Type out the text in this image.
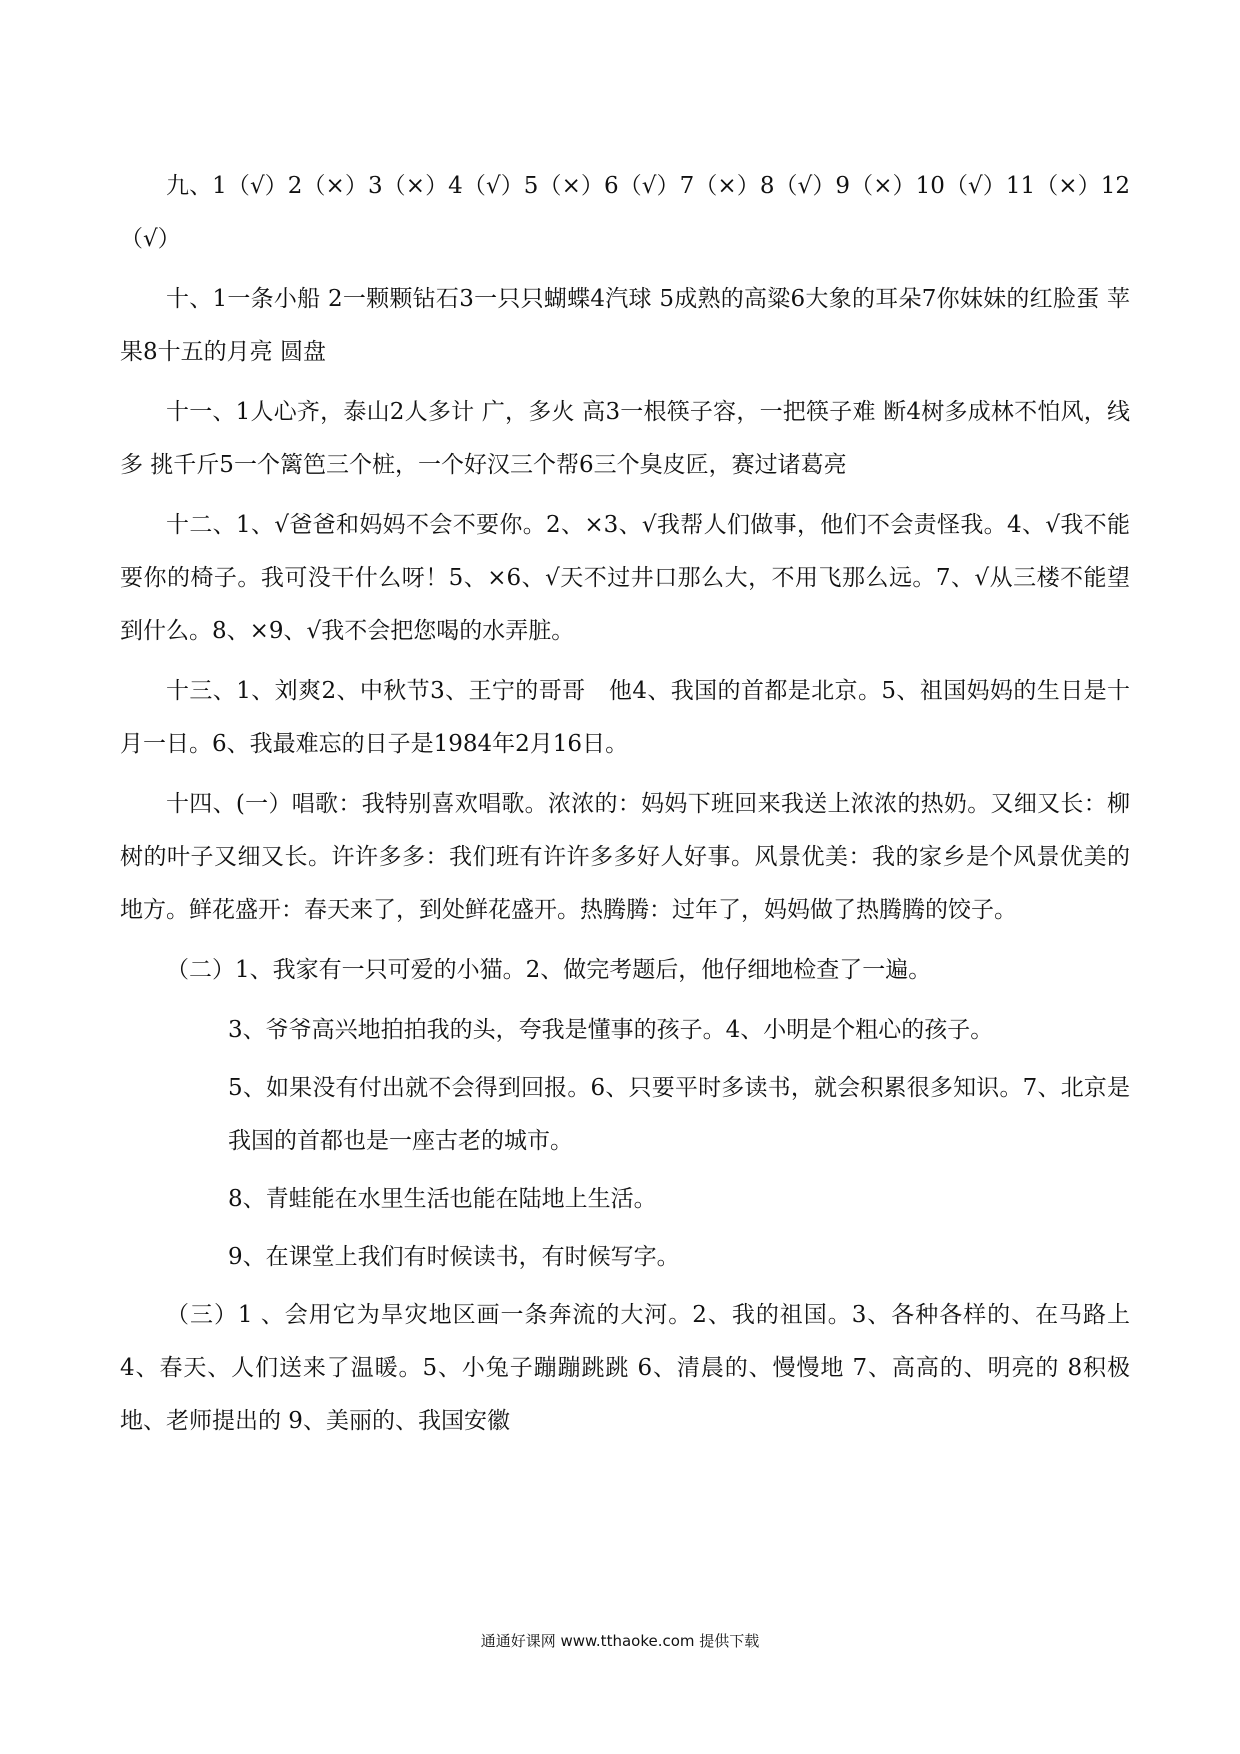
九、1（√）2（×）3（×）4（√）5（×）6（√）7（×）8（√）9（×）10（√）11（×）12（√）

十、1一条小船 2一颗颗钻石3一只只蝴蝶4汽球 5成熟的高粱6大象的耳朵7你妹妹的红脸蛋 苹果8十五的月亮 圆盘

十一、1人心齐，泰山2人多计 广，多火 高3一根筷子容，一把筷子难 断4树多成林不怕风，线多 挑千斤5一个篱笆三个桩，一个好汉三个帮6三个臭皮匠，赛过诸葛亮

十二、1、√爸爸和妈妈不会不要你。2、×3、√我帮人们做事，他们不会责怪我。4、√我不能要你的椅子。我可没干什么呀！5、×6、√天不过井口那么大，不用飞那么远。7、√从三楼不能望到什么。8、×9、√我不会把您喝的水弄脏。

十三、1、刘爽2、中秋节3、王宁的哥哥　他4、我国的首都是北京。5、祖国妈妈的生日是十月一日。6、我最难忘的日子是1984年2月16日。

十四、(一）唱歌：我特别喜欢唱歌。浓浓的：妈妈下班回来我送上浓浓的热奶。又细又长：柳树的叶子又细又长。许许多多：我们班有许许多多好人好事。风景优美：我的家乡是个风景优美的地方。鲜花盛开：春天来了，到处鲜花盛开。热腾腾：过年了，妈妈做了热腾腾的饺子。

（二）1、我家有一只可爱的小猫。2、做完考题后，他仔细地检查了一遍。

3、爷爷高兴地拍拍我的头，夸我是懂事的孩子。4、小明是个粗心的孩子。

5、如果没有付出就不会得到回报。6、只要平时多读书，就会积累很多知识。7、北京是我国的首都也是一座古老的城市。

8、青蛙能在水里生活也能在陆地上生活。

9、在课堂上我们有时候读书，有时候写字。

（三）1 、会用它为旱灾地区画一条奔流的大河。2、我的祖国。3、各种各样的、在马路上 4、春天、人们送来了温暖。5、小兔子蹦蹦跳跳 6、清晨的、慢慢地 7、高高的、明亮的 8积极地、老师提出的 9、美丽的、我国安徽

通通好课网 www.tthaoke.com 提供下载
